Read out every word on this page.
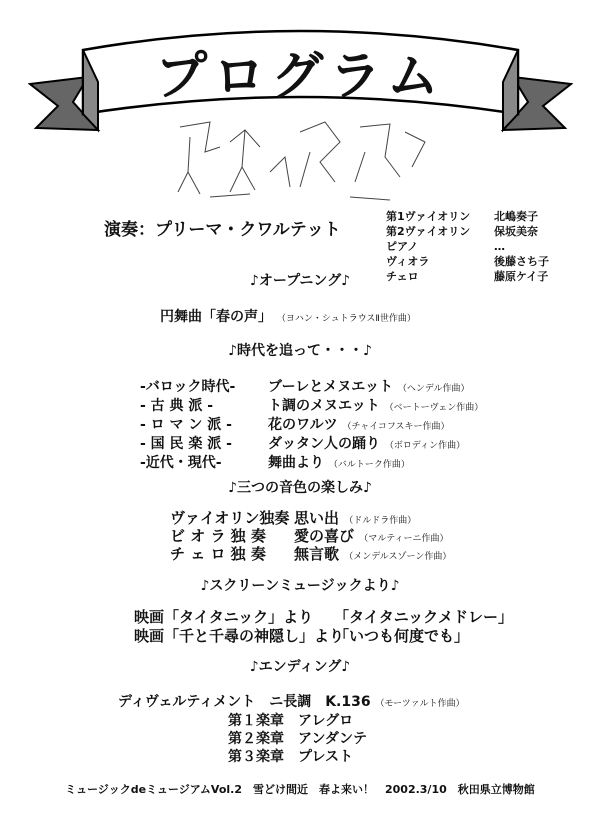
プログラム
演奏：プリーマ・クワルテット
第1ヴァイオリン	北嶋奏子
第2ヴァイオリン	保坂美奈
ピアノ	…
ヴィオラ	後藤さち子
チェロ	藤原ケイ子
♪オープニング♪
円舞曲「春の声」 （ヨハン・シュトラウスⅡ世作曲）
♪時代を追って・・・♪
-バロック時代- ブーレとメヌエット （ヘンデル作曲）
- 古 典 派 -	ト調のメヌエット （ベートーヴェン作曲）
- ロ マ ン 派 -	花のワルツ （チャイコフスキー作曲）
- 国 民 楽 派 -	ダッタン人の踊り （ボロディン作曲）
-近代・現代-	舞曲より （バルトーク作曲）
♪三つの音色の楽しみ♪
ヴァイオリン独奏 思い出 （ドルドラ作曲）
ビ オ ラ 独 奏 愛の喜び （マルティーニ作曲）
チ ェ ロ 独 奏 無言歌 （メンデルスゾーン作曲）
♪スクリーンミュージックより♪
映画「タイタニック」より 「タイタニックメドレー」
映画「千と千尋の神隠し」より「いつも何度でも」
♪エンディング♪
ディヴェルティメント　ニ長調　K.136 （モーツァルト作曲）
第１楽章　アレグロ
第２楽章　アンダンテ
第３楽章　プレスト
ミュージックdeミュージアムVol.2　雪どけ間近　春よ来い！　2002.3/10　秋田県立博物館
